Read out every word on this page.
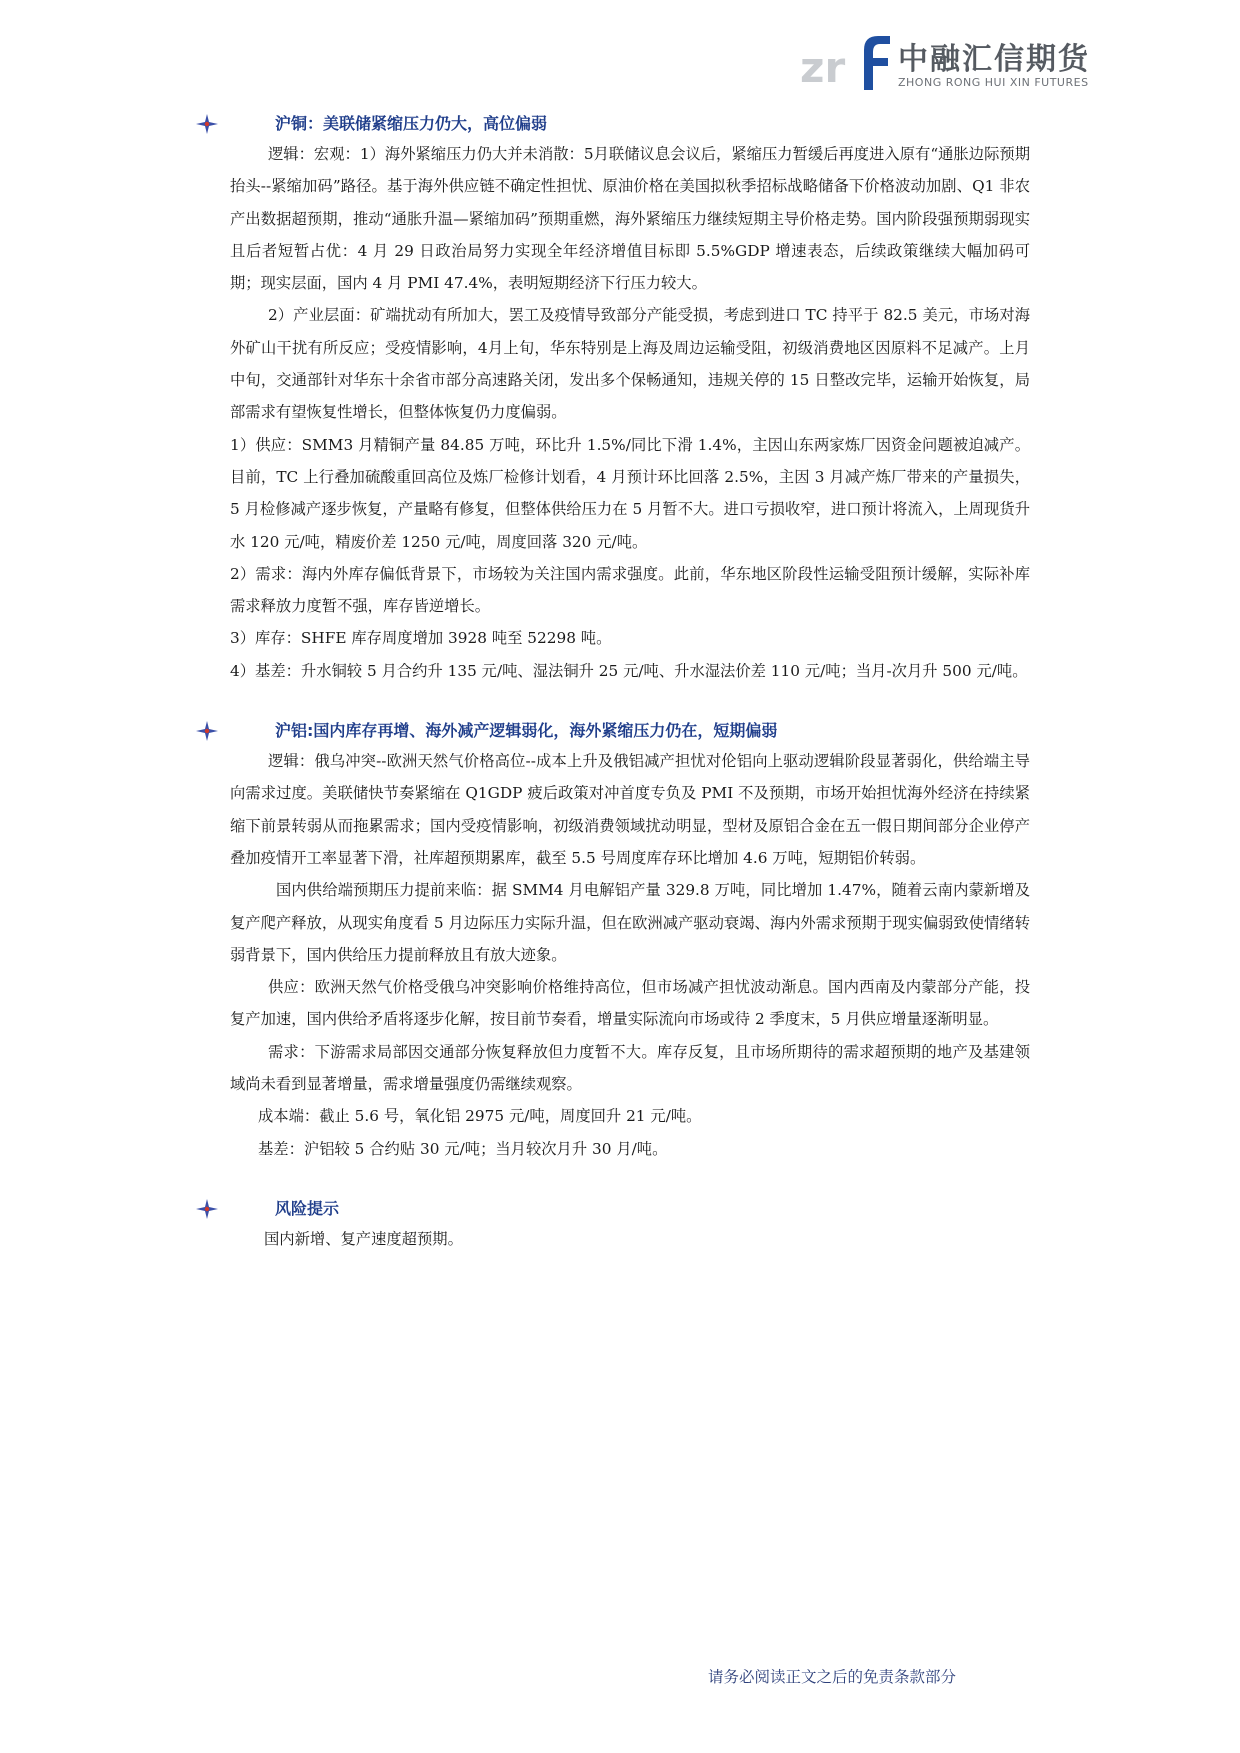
zr 中融汇信期货
ZHONG RONG HUI XIN FUTURES
沪铜：美联储紧缩压力仍大，高位偏弱

逻辑：宏观：1）海外紧缩压力仍大并未消散：5月联储议息会议后，紧缩压力暂缓后再度进入原有“通胀边际预期抬头--紧缩加码”路径。基于海外供应链不确定性担忧、原油价格在美国拟秋季招标战略储备下价格波动加剧、Q1 非农产出数据超预期，推动“通胀升温—紧缩加码”预期重燃，海外紧缩压力继续短期主导价格走势。国内阶段强预期弱现实且后者短暂占优：4 月 29 日政治局努力实现全年经济增值目标即 5.5%GDP 增速表态，后续政策继续大幅加码可期；现实层面，国内 4 月 PMI 47.4%，表明短期经济下行压力较大。

2）产业层面：矿端扰动有所加大，罢工及疫情导致部分产能受损，考虑到进口 TC 持平于 82.5 美元，市场对海外矿山干扰有所反应；受疫情影响，4月上旬，华东特别是上海及周边运输受阻，初级消费地区因原料不足减产。上月中旬，交通部针对华东十余省市部分高速路关闭，发出多个保畅通知，违规关停的 15 日整改完毕，运输开始恢复，局部需求有望恢复性增长，但整体恢复仍力度偏弱。

1）供应：SMM3 月精铜产量 84.85 万吨，环比升 1.5%/同比下滑 1.4%，主因山东两家炼厂因资金问题被迫减产。目前，TC 上行叠加硫酸重回高位及炼厂检修计划看，4 月预计环比回落 2.5%，主因 3 月减产炼厂带来的产量损失，5 月检修减产逐步恢复，产量略有修复，但整体供给压力在 5 月暂不大。进口亏损收窄，进口预计将流入，上周现货升水 120 元/吨，精废价差 1250 元/吨，周度回落 320 元/吨。

2）需求：海内外库存偏低背景下，市场较为关注国内需求强度。此前，华东地区阶段性运输受阻预计缓解，实际补库需求释放力度暂不强，库存皆逆增长。

3）库存：SHFE 库存周度增加 3928 吨至 52298 吨。

4）基差：升水铜较 5 月合约升 135 元/吨、湿法铜升 25 元/吨、升水湿法价差 110 元/吨；当月-次月升 500 元/吨。

沪铝:国内库存再增、海外减产逻辑弱化，海外紧缩压力仍在，短期偏弱

逻辑：俄乌冲突--欧洲天然气价格高位--成本上升及俄铝减产担忧对伦铝向上驱动逻辑阶段显著弱化，供给端主导向需求过度。美联储快节奏紧缩在 Q1GDP 疲后政策对冲首度专负及 PMI 不及预期，市场开始担忧海外经济在持续紧缩下前景转弱从而拖累需求；国内受疫情影响，初级消费领域扰动明显，型材及原铝合金在五一假日期间部分企业停产叠加疫情开工率显著下滑，社库超预期累库，截至 5.5 号周度库存环比增加 4.6 万吨，短期铝价转弱。

国内供给端预期压力提前来临：据 SMM4 月电解铝产量 329.8 万吨，同比增加 1.47%，随着云南内蒙新增及复产爬产释放，从现实角度看 5 月边际压力实际升温，但在欧洲减产驱动衰竭、海内外需求预期于现实偏弱致使情绪转弱背景下，国内供给压力提前释放且有放大迹象。

供应：欧洲天然气价格受俄乌冲突影响价格维持高位，但市场减产担忧波动渐息。国内西南及内蒙部分产能，投复产加速，国内供给矛盾将逐步化解，按目前节奏看，增量实际流向市场或待 2 季度末，5 月供应增量逐渐明显。

需求：下游需求局部因交通部分恢复释放但力度暂不大。库存反复，且市场所期待的需求超预期的地产及基建领域尚未看到显著增量，需求增量强度仍需继续观察。

成本端：截止 5.6 号，氧化铝 2975 元/吨，周度回升 21 元/吨。

基差：沪铝较 5 合约贴 30 元/吨；当月较次月升 30 月/吨。

风险提示

国内新增、复产速度超预期。

请务必阅读正文之后的免责条款部分
